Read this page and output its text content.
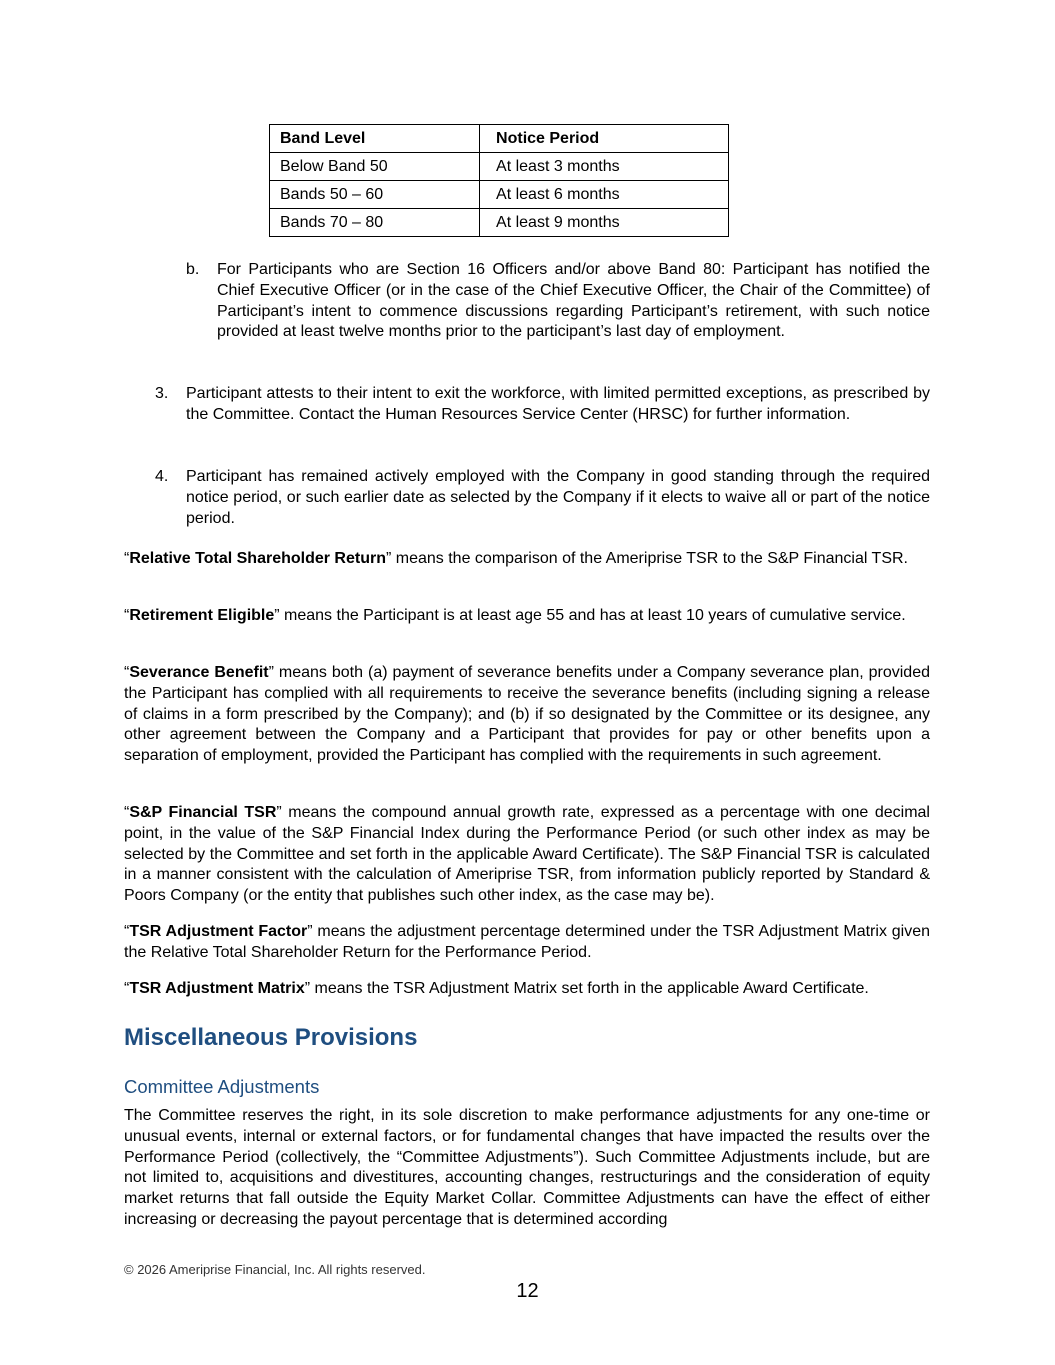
Band Level	Notice Period
Below Band 50	At least 3 months
Bands 50 – 60	At least 6 months
Bands 70 – 80	At least 9 months
b. For Participants who are Section 16 Officers and/or above Band 80: Participant has notified the Chief Executive Officer (or in the case of the Chief Executive Officer, the Chair of the Committee) of Participant’s intent to commence discussions regarding Participant’s retirement, with such notice provided at least twelve months prior to the participant’s last day of employment.
3. Participant attests to their intent to exit the workforce, with limited permitted exceptions, as prescribed by the Committee. Contact the Human Resources Service Center (HRSC) for further information.
4. Participant has remained actively employed with the Company in good standing through the required notice period, or such earlier date as selected by the Company if it elects to waive all or part of the notice period.

“Relative Total Shareholder Return” means the comparison of the Ameriprise TSR to the S&P Financial TSR.

“Retirement Eligible” means the Participant is at least age 55 and has at least 10 years of cumulative service.

“Severance Benefit” means both (a) payment of severance benefits under a Company severance plan, provided the Participant has complied with all requirements to receive the severance benefits (including signing a release of claims in a form prescribed by the Company); and (b) if so designated by the Committee or its designee, any other agreement between the Company and a Participant that provides for pay or other benefits upon a separation of employment, provided the Participant has complied with the requirements in such agreement.

“S&P Financial TSR” means the compound annual growth rate, expressed as a percentage with one decimal point, in the value of the S&P Financial Index during the Performance Period (or such other index as may be selected by the Committee and set forth in the applicable Award Certificate). The S&P Financial TSR is calculated in a manner consistent with the calculation of Ameriprise TSR, from information publicly reported by Standard & Poors Company (or the entity that publishes such other index, as the case may be).

“TSR Adjustment Factor” means the adjustment percentage determined under the TSR Adjustment Matrix given the Relative Total Shareholder Return for the Performance Period.

“TSR Adjustment Matrix” means the TSR Adjustment Matrix set forth in the applicable Award Certificate.

Miscellaneous Provisions
Committee Adjustments

The Committee reserves the right, in its sole discretion to make performance adjustments for any one-time or unusual events, internal or external factors, or for fundamental changes that have impacted the results over the Performance Period (collectively, the “Committee Adjustments”). Such Committee Adjustments include, but are not limited to, acquisitions and divestitures, accounting changes, restructurings and the consideration of equity market returns that fall outside the Equity Market Collar. Committee Adjustments can have the effect of either increasing or decreasing the payout percentage that is determined according

© 2026 Ameriprise Financial, Inc. All rights reserved.
12
